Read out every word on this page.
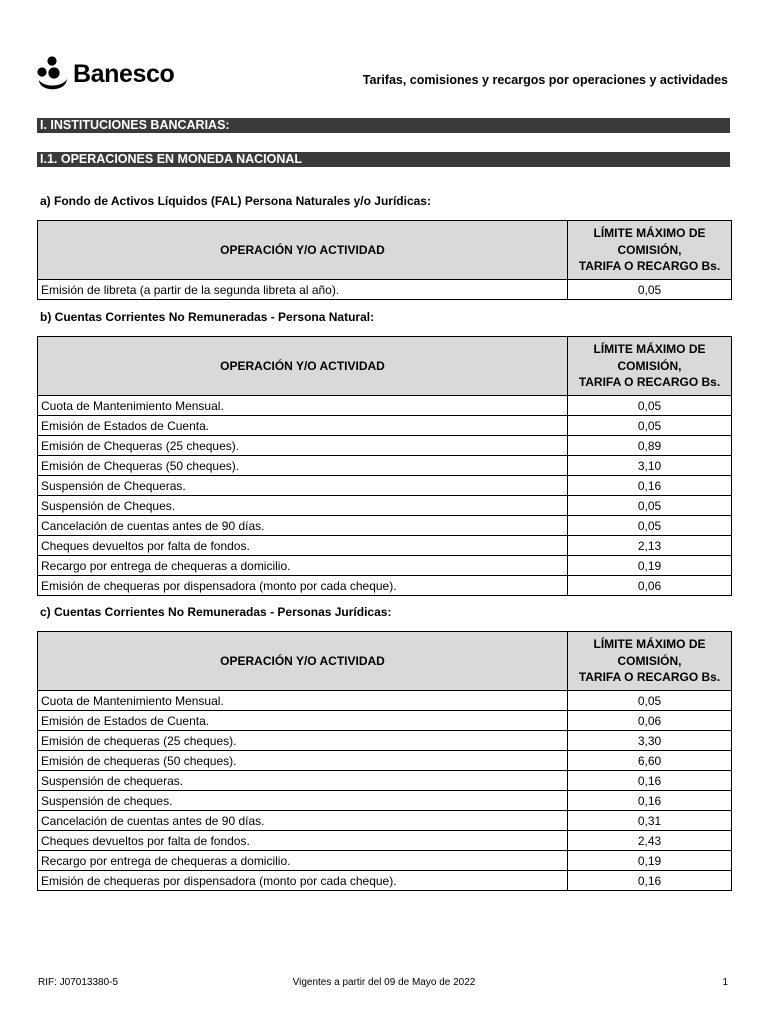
Banesco	Tarifas, comisiones y recargos por operaciones y actividades
I. INSTITUCIONES BANCARIAS:
I.1. OPERACIONES EN MONEDA NACIONAL
a) Fondo de Activos Líquidos (FAL) Persona Naturales y/o Jurídicas:
OPERACIÓN Y/O ACTIVIDAD	LÍMITE MÁXIMO DE
COMISIÓN,
TARIFA O RECARGO Bs.
Emisión de libreta (a partir de la segunda libreta al año).	0,05
b) Cuentas Corrientes No Remuneradas - Persona Natural:
OPERACIÓN Y/O ACTIVIDAD	LÍMITE MÁXIMO DE
COMISIÓN,
TARIFA O RECARGO Bs.
Cuota de Mantenimiento Mensual.	0,05
Emisión de Estados de Cuenta.	0,05
Emisión de Chequeras (25 cheques).	0,89
Emisión de Chequeras (50 cheques).	3,10
Suspensión de Chequeras.	0,16
Suspensión de Cheques.	0,05
Cancelación de cuentas antes de 90 días.	0,05
Cheques devueltos por falta de fondos.	2,13
Recargo por entrega de chequeras a domicilio.	0,19
Emisión de chequeras por dispensadora (monto por cada cheque).	0,06
c) Cuentas Corrientes No Remuneradas - Personas Jurídicas:
OPERACIÓN Y/O ACTIVIDAD	LÍMITE MÁXIMO DE
COMISIÓN,
TARIFA O RECARGO Bs.
Cuota de Mantenimiento Mensual.	0,05
Emisión de Estados de Cuenta.	0,06
Emisión de chequeras (25 cheques).	3,30
Emisión de chequeras (50 cheques).	6,60
Suspensión de chequeras.	0,16
Suspensión de cheques.	0,16
Cancelación de cuentas antes de 90 días.	0,31
Cheques devueltos por falta de fondos.	2,43
Recargo por entrega de chequeras a domicilio.	0,19
Emisión de chequeras por dispensadora (monto por cada cheque).	0,16
RIF: J07013380-5	Vigentes a partir del 09 de Mayo de 2022	1
